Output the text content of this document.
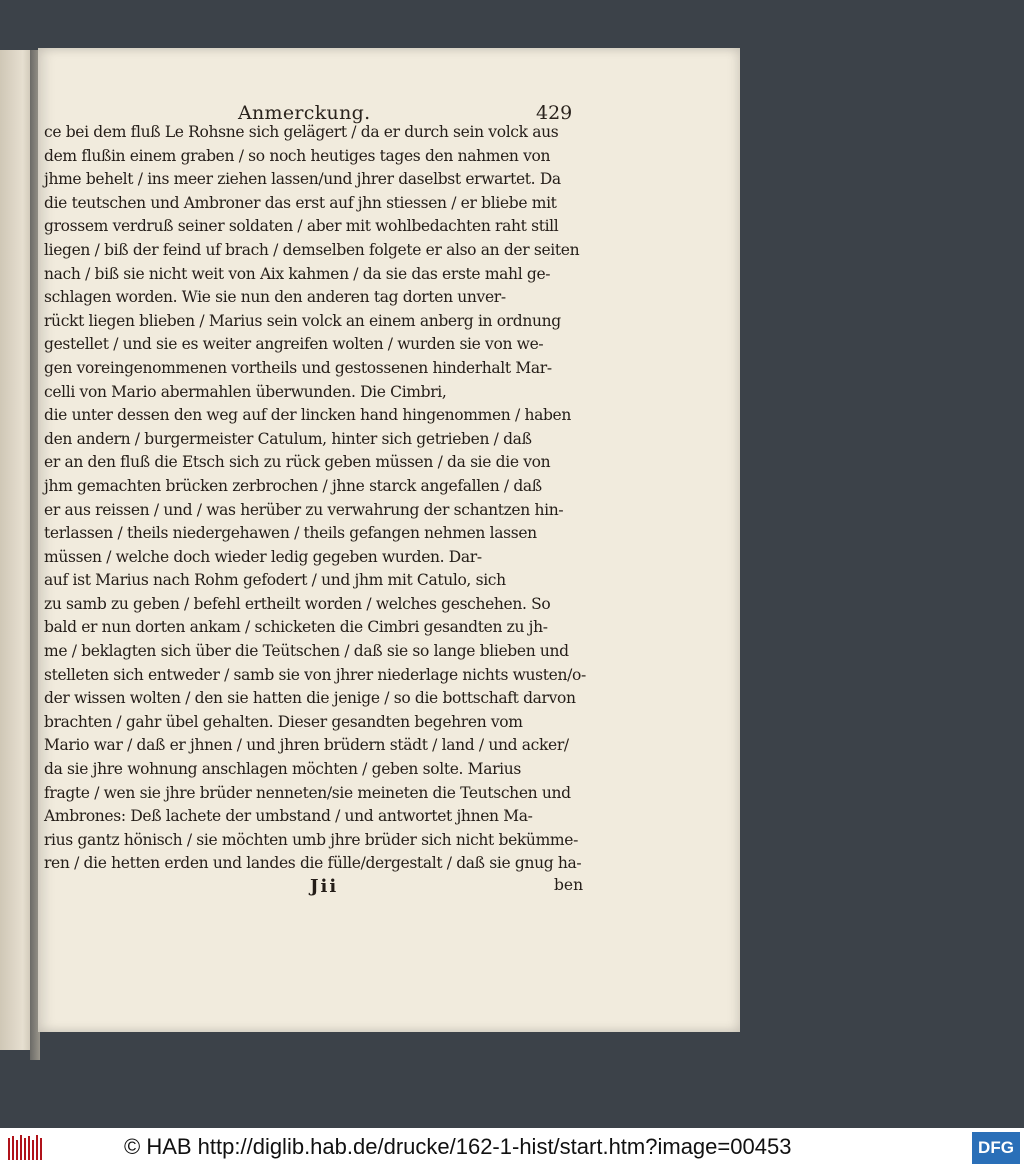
Anmerckung.	429
ce bei dem fluß Le Rohsne sich gelägert / da er durch sein volck aus
dem flußin einem graben / so noch heutiges tages den nahmen von
jhme behelt / ins meer ziehen lassen/und jhrer daselbst erwartet. Da
die teutschen und Ambroner das erst auf jhn stiessen / er bliebe mit
grossem verdruß seiner soldaten / aber mit wohlbedachten raht still
liegen / biß der feind uf brach / demselben folgete er also an der seiten
nach / biß sie nicht weit von Aix kahmen / da sie das erste mahl ge-
schlagen worden. Wie sie nun den anderen tag dorten unver-
rückt liegen blieben / Marius sein volck an einem anberg in ordnung
gestellet / und sie es weiter angreifen wolten / wurden sie von we-
gen voreingenommenen vortheils und gestossenen hinderhalt Mar-
celli von Mario abermahlen überwunden. Die Cimbri,
die unter dessen den weg auf der lincken hand hingenommen / haben
den andern / burgermeister Catulum, hinter sich getrieben / daß
er an den fluß die Etsch sich zu rück geben müssen / da sie die von
jhm gemachten brücken zerbrochen / jhne starck angefallen / daß
er aus reissen / und / was herüber zu verwahrung der schantzen hin-
terlassen / theils niedergehawen / theils gefangen nehmen lassen
müssen / welche doch wieder ledig gegeben wurden. Dar-
auf ist Marius nach Rohm gefodert / und jhm mit Catulo, sich
zu samb zu geben / befehl ertheilt worden / welches geschehen. So
bald er nun dorten ankam / schicketen die Cimbri gesandten zu jh-
me / beklagten sich über die Teütschen / daß sie so lange blieben und
stelleten sich entweder / samb sie von jhrer niederlage nichts wusten/o-
der wissen wolten / den sie hatten die jenige / so die bottschaft darvon
brachten / gahr übel gehalten. Dieser gesandten begehren vom
Mario war / daß er jhnen / und jhren brüdern städt / land / und acker/
da sie jhre wohnung anschlagen möchten / geben solte. Marius
fragte / wen sie jhre brüder nenneten/sie meineten die Teutschen und
Ambrones: Deß lachete der umbstand / und antwortet jhnen Ma-
rius gantz hönisch / sie möchten umb jhre brüder sich nicht bekümme-
ren / die hetten erden und landes die fülle/dergestalt / daß sie gnug ha-
Jii	ben
© HAB http://diglib.hab.de/drucke/162-1-hist/start.htm?image=00453	DFG
